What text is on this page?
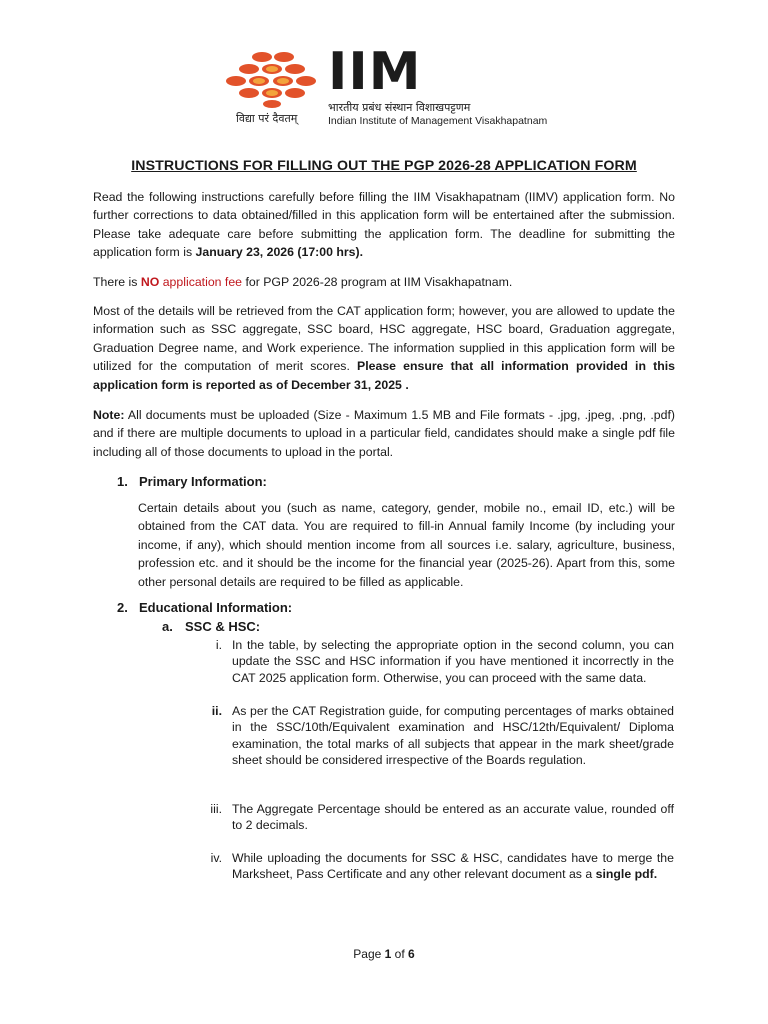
विद्या परं दैवतम्
IIM
भारतीय प्रबंध संस्थान विशाखपट्टणम
Indian Institute of Management Visakhapatnam
INSTRUCTIONS FOR FILLING OUT THE PGP 2026-28 APPLICATION FORM

Read the following instructions carefully before filling the IIM Visakhapatnam (IIMV) application form. No further corrections to data obtained/filled in this application form will be entertained after the submission. Please take adequate care before submitting the application form. The deadline for submitting the application form is January 23, 2026 (17:00 hrs).

There is NO application fee for PGP 2026-28 program at IIM Visakhapatnam.

Most of the details will be retrieved from the CAT application form; however, you are allowed to update the information such as SSC aggregate, SSC board, HSC aggregate, HSC board, Graduation aggregate, Graduation Degree name, and Work experience. The information supplied in this application form will be utilized for the computation of merit scores. Please ensure that all information provided in this application form is reported as of December 31, 2025 .

Note: All documents must be uploaded (Size - Maximum 1.5 MB and File formats - .jpg, .jpeg, .png, .pdf) and if there are multiple documents to upload in a particular field, candidates should make a single pdf file including all of those documents to upload in the portal.

1. Primary Information:

Certain details about you (such as name, category, gender, mobile no., email ID, etc.) will be obtained from the CAT data. You are required to fill-in Annual family Income (by including your income, if any), which should mention income from all sources i.e. salary, agriculture, business, profession etc. and it should be the income for the financial year (2025-26). Apart from this, some other personal details are required to be filled as applicable.

2. Educational Information:
a. SSC & HSC:
i. In the table, by selecting the appropriate option in the second column, you can update the SSC and HSC information if you have mentioned it incorrectly in the CAT 2025 application form. Otherwise, you can proceed with the same data.
ii. As per the CAT Registration guide, for computing percentages of marks obtained in the SSC/10th/Equivalent examination and HSC/12th/Equivalent/ Diploma examination, the total marks of all subjects that appear in the mark sheet/grade sheet should be considered irrespective of the Boards regulation.
iii. The Aggregate Percentage should be entered as an accurate value, rounded off to 2 decimals.
iv. While uploading the documents for SSC & HSC, candidates have to merge the Marksheet, Pass Certificate and any other relevant document as a single pdf.
Page 1 of 6
